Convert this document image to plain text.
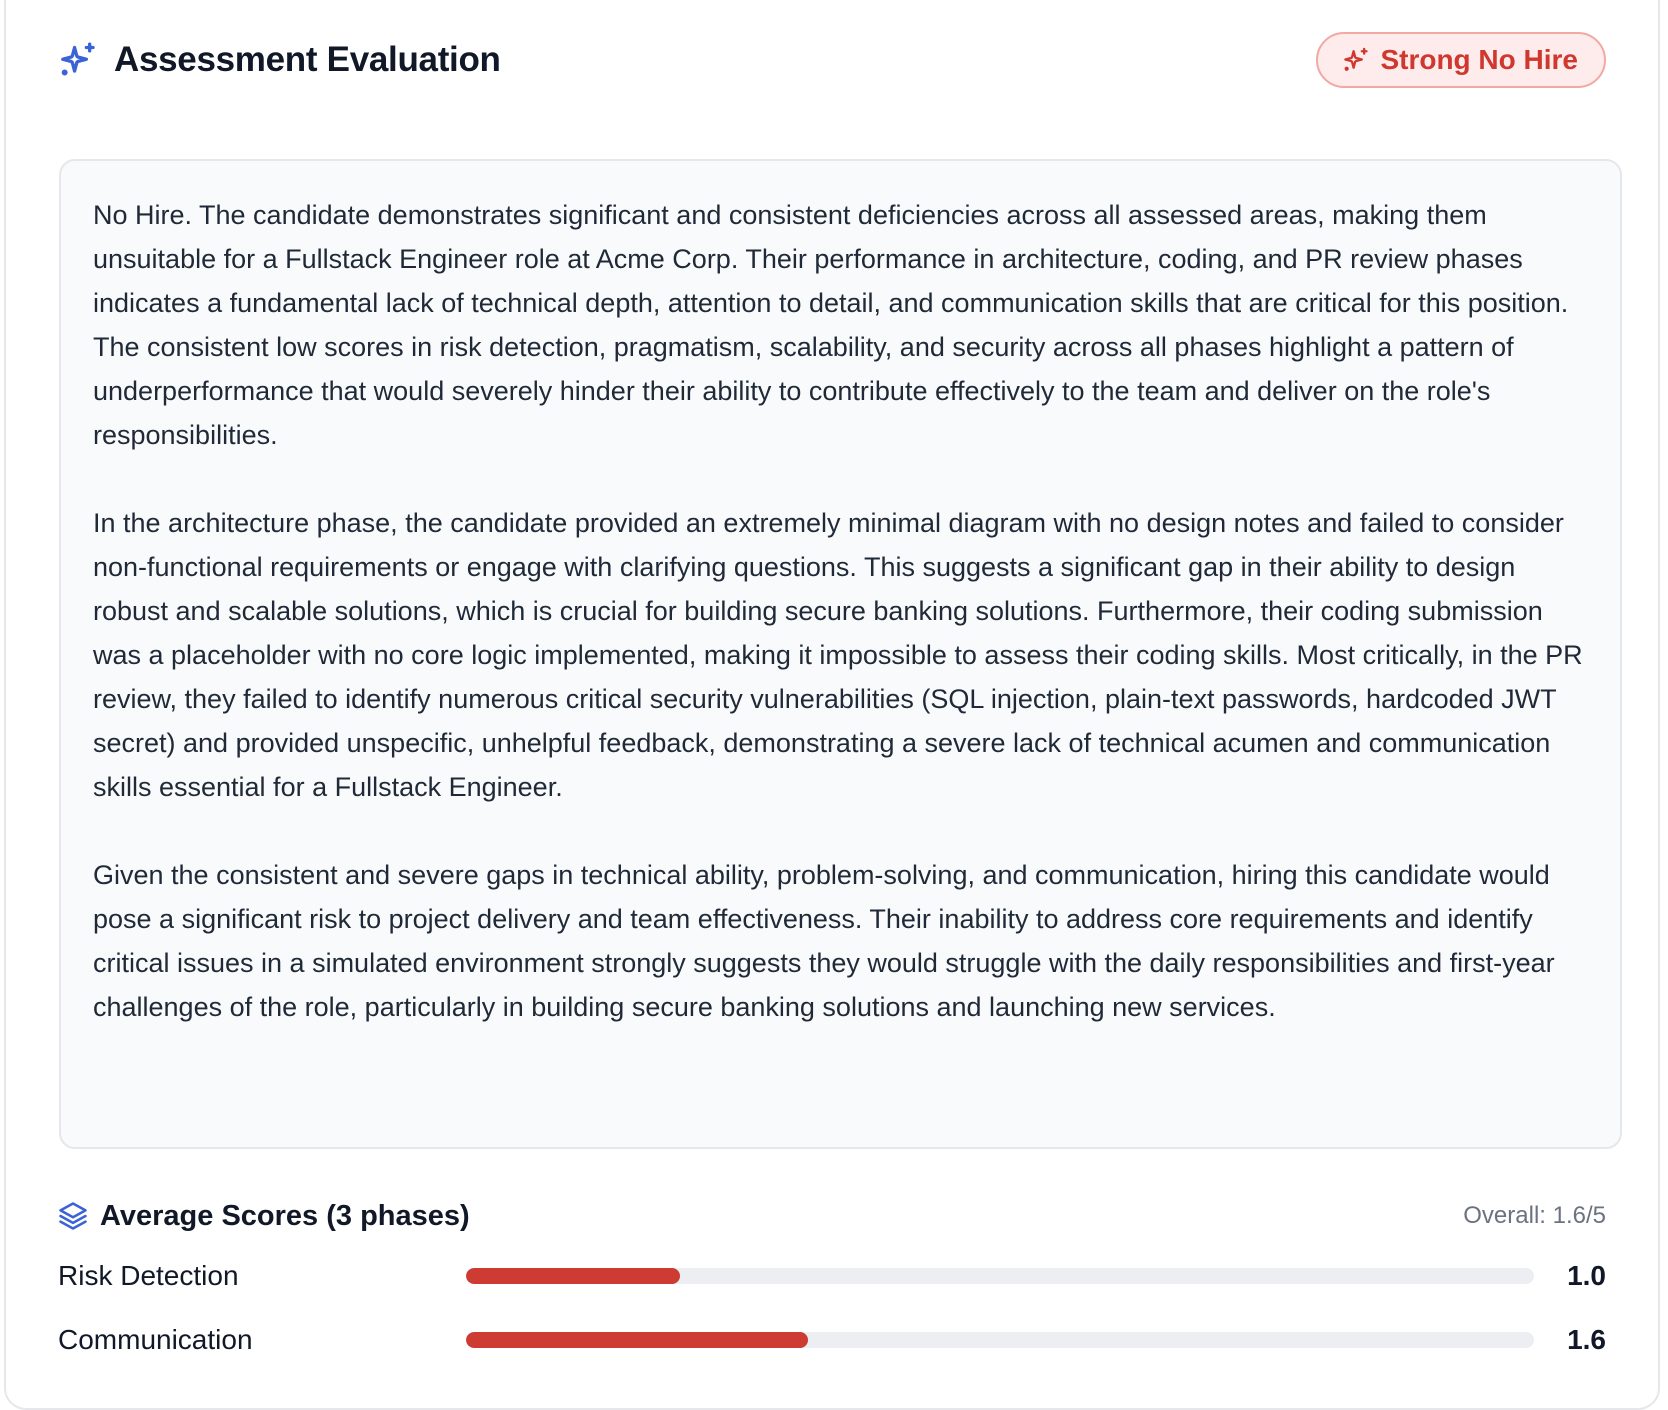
Assessment Evaluation	Strong No Hire

No Hire. The candidate demonstrates significant and consistent deficiencies across all assessed areas, making them unsuitable for a Fullstack Engineer role at Acme Corp. Their performance in architecture, coding, and PR review phases indicates a fundamental lack of technical depth, attention to detail, and communication skills that are critical for this position. The consistent low scores in risk detection, pragmatism, scalability, and security across all phases highlight a pattern of underperformance that would severely hinder their ability to contribute effectively to the team and deliver on the role's responsibilities.

In the architecture phase, the candidate provided an extremely minimal diagram with no design notes and failed to consider non-functional requirements or engage with clarifying questions. This suggests a significant gap in their ability to design robust and scalable solutions, which is crucial for building secure banking solutions. Furthermore, their coding submission was a placeholder with no core logic implemented, making it impossible to assess their coding skills. Most critically, in the PR review, they failed to identify numerous critical security vulnerabilities (SQL injection, plain-text passwords, hardcoded JWT secret) and provided unspecific, unhelpful feedback, demonstrating a severe lack of technical acumen and communication skills essential for a Fullstack Engineer.

Given the consistent and severe gaps in technical ability, problem-solving, and communication, hiring this candidate would pose a significant risk to project delivery and team effectiveness. Their inability to address core requirements and identify critical issues in a simulated environment strongly suggests they would struggle with the daily responsibilities and first-year challenges of the role, particularly in building secure banking solutions and launching new services.

Average Scores (3 phases)	Overall: 1.6/5
Risk Detection	1.0
Communication	1.6
